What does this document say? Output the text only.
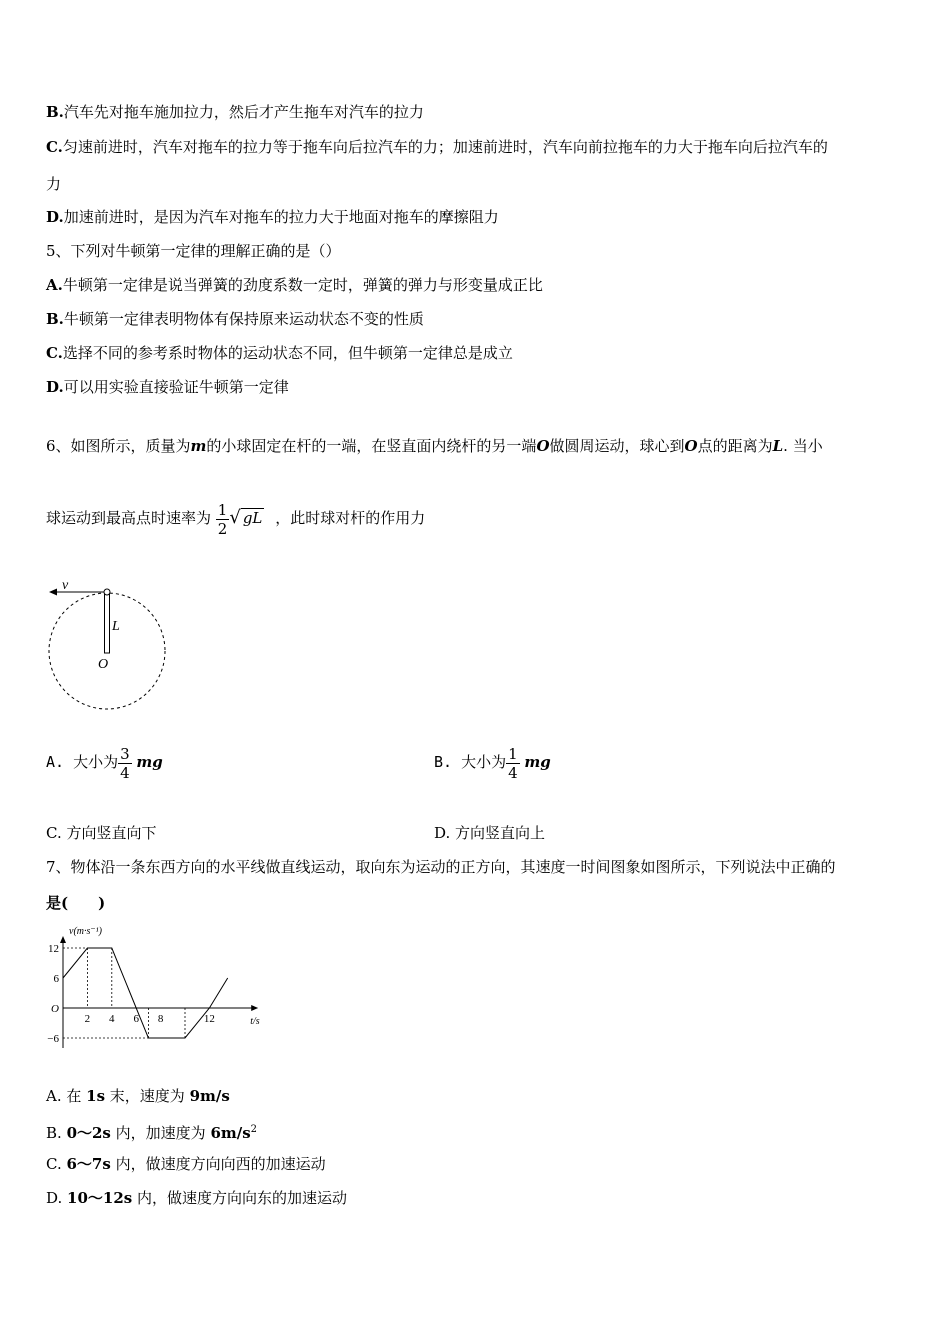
B.汽车先对拖车施加拉力，然后才产生拖车对汽车的拉力
C.匀速前进时，汽车对拖车的拉力等于拖车向后拉汽车的力；加速前进时，汽车向前拉拖车的力大于拖车向后拉汽车的
力
D.加速前进时，是因为汽车对拖车的拉力大于地面对拖车的摩擦阻力
5、下列对牛顿第一定律的理解正确的是（）
A.牛顿第一定律是说当弹簧的劲度系数一定时，弹簧的弹力与形变量成正比
B.牛顿第一定律表明物体有保持原来运动状态不变的性质
C.选择不同的参考系时物体的运动状态不同，但牛顿第一定律总是成立
D.可以用实验直接验证牛顿第一定律
6、如图所示，质量为m的小球固定在杆的一端，在竖直面内绕杆的另一端O做圆周运动，球心到O点的距离为L. 当小
球运动到最高点时速率为 $\frac{1}{2}$ √ gL ，此时球对杆的作用力
v
L
O
A. 大小为 $\frac{3}{4}$ mg	B. 大小为 $\frac{1}{4}$ mg
C. 方向竖直向下	D. 方向竖直向上
7、物体沿一条东西方向的水平线做直线运动，取向东为运动的正方向，其速度一时间图象如图所示，下列说法中正确的
是(　　)
12
6
O
−6
2 4 6 8	12
v(m·s⁻¹)
t/s
A. 在 1s 末，速度为 9m/s
B. 0～2s 内，加速度为 $6m/s^2$
C. 6～7s 内，做速度方向向西的加速运动
D. 10～12s 内，做速度方向向东的加速运动
